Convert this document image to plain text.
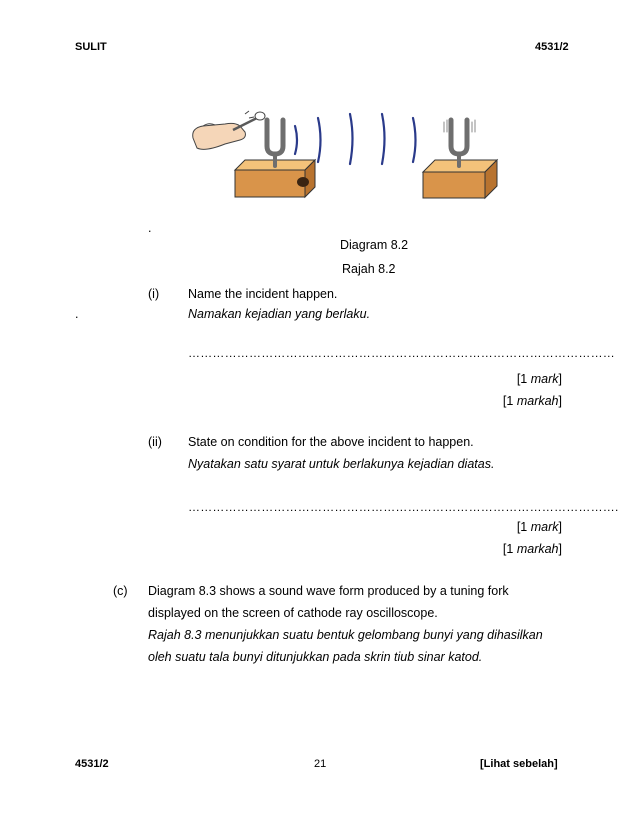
SULIT	4531/2
.
Diagram 8.2
Rajah 8.2
(i) Name the incident happen.
.	Namakan kejadian yang berlaku.
……………………………………………………………………………………………
[1 mark]
[1 markah]
(ii) State on condition for the above incident to happen.
Nyatakan satu syarat untuk berlakunya kejadian diatas.
…………………………………………………………………………………………….
[1 mark]
[1 markah]
(c) Diagram 8.3 shows a sound wave form produced by a tuning fork
displayed on the screen of cathode ray oscilloscope.
Rajah 8.3 menunjukkan suatu bentuk gelombang bunyi yang dihasilkan
oleh suatu tala bunyi ditunjukkan pada skrin tiub sinar katod.
4531/2	21	[Lihat sebelah]
